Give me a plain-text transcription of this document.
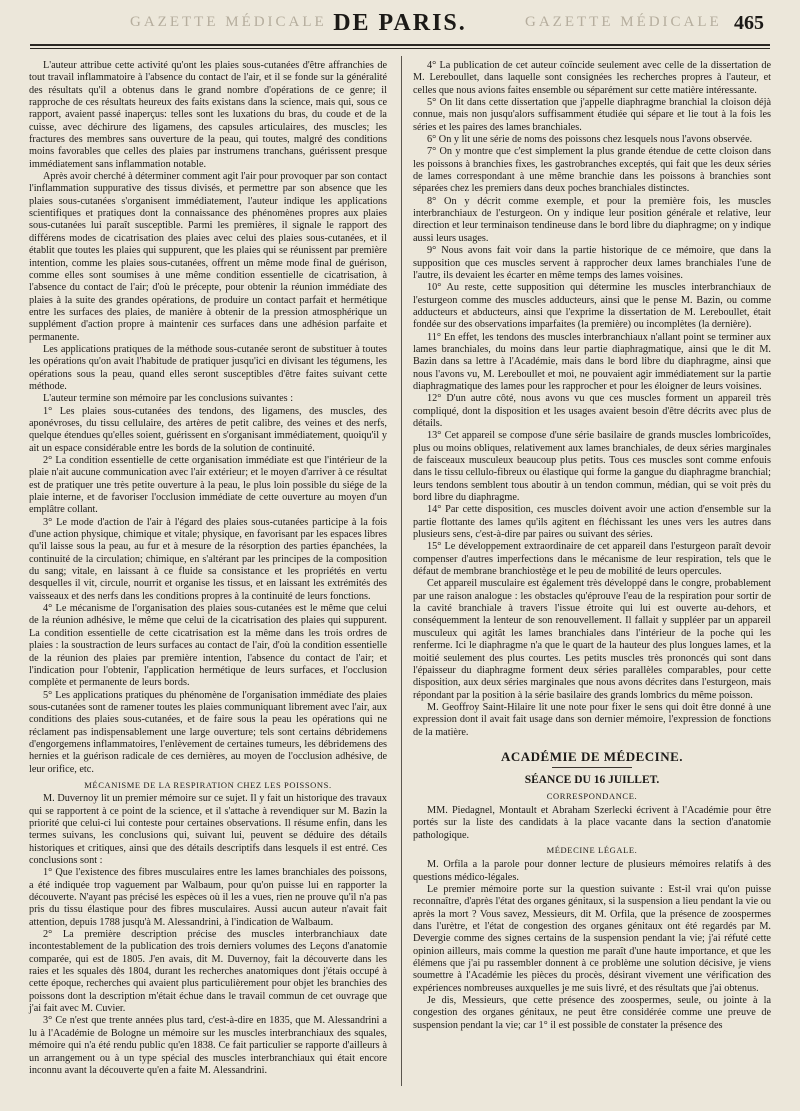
GAZETTE MÉDICALE DE PARIS.	GAZETTE MÉDICALE 465

L'auteur attribue cette activité qu'ont les plaies sous-cutanées d'être affranchies de tout travail inflammatoire à l'absence du contact de l'air, et il se fonde sur la généralité des résultats qu'il a obtenus dans le grand nombre d'opérations de ce genre; il rapproche de ces résultats heureux des faits existans dans la science, mais qui, sous ce rapport, avaient passé inaperçus: telles sont les luxations du bras, du coude et de la cuisse, avec déchirure des ligamens, des capsules articulaires, des muscles; les fractures des membres sans ouverture de la peau, qui toutes, malgré des conditions moins favorables que celles des plaies par instrumens tranchans, guérissent presque immédiatement sans inflammation notable.

Après avoir cherché à déterminer comment agit l'air pour provoquer par son contact l'inflammation suppurative des tissus divisés, et permettre par son absence que les plaies sous-cutanées s'organisent immédiatement, l'auteur indique les applications scientifiques et pratiques dont la connaissance des phénomènes propres aux plaies sous-cutanées lui paraît susceptible. Parmi les premières, il signale le rapport des différens modes de cicatrisation des plaies avec celui des plaies sous-cutanées, et il établit que toutes les plaies qui suppurent, que les plaies qui se réunissent par première intention, comme les plaies sous-cutanées, offrent un même mode final de guérison, comme elles sont soumises à une même condition essentielle de cicatrisation, à l'absence du contact de l'air; d'où le précepte, pour obtenir la réunion immédiate des plaies à la suite des grandes opérations, de produire un contact parfait et hermétique entre les surfaces des plaies, de manière à obtenir de la pression atmosphérique un supplément d'action propre à maintenir ces surfaces dans une adhésion parfaite et permanente.

Les applications pratiques de la méthode sous-cutanée seront de substituer à toutes les opérations qu'on avait l'habitude de pratiquer jusqu'ici en divisant les tégumens, les opérations sous la peau, quand elles seront susceptibles d'être faites suivant cette méthode.

L'auteur termine son mémoire par les conclusions suivantes :

1° Les plaies sous-cutanées des tendons, des ligamens, des muscles, des aponévroses, du tissu cellulaire, des artères de petit calibre, des veines et des nerfs, quelque étendues qu'elles soient, guérissent en s'organisant immédiatement, quoiqu'il y ait un espace considérable entre les bords de la solution de continuité.

2° La condition essentielle de cette organisation immédiate est que l'intérieur de la plaie n'ait aucune communication avec l'air extérieur; et le moyen d'arriver à ce résultat est de pratiquer une très petite ouverture à la peau, le plus loin possible du siége de la plaie interne, et de favoriser l'occlusion immédiate de cette ouverture au moyen d'un emplâtre collant.

3° Le mode d'action de l'air à l'égard des plaies sous-cutanées participe à la fois d'une action physique, chimique et vitale; physique, en favorisant par les espaces libres qu'il laisse sous la peau, au fur et à mesure de la résorption des parties épanchées, la continuité de la circulation; chimique, en s'altérant par les principes de la composition du sang; vitale, en laissant à ce fluide sa consistance et les propriétés en vertu desquelles il vit, circule, nourrit et organise les tissus, et en laissant les extrémités des vaisseaux et des nerfs dans les conditions propres à la continuité de leurs fonctions.

4° Le mécanisme de l'organisation des plaies sous-cutanées est le même que celui de la réunion adhésive, le même que celui de la cicatrisation des plaies qui suppurent. La condition essentielle de cette cicatrisation est la même dans les trois ordres de plaies : la soustraction de leurs surfaces au contact de l'air, d'où la condition essentielle de la réunion des plaies par première intention, l'absence du contact de l'air; et l'indication pour l'obtenir, l'application hermétique de leurs surfaces, et l'occlusion complète et permanente de leurs bords.

5° Les applications pratiques du phénomène de l'organisation immédiate des plaies sous-cutanées sont de ramener toutes les plaies communiquant librement avec l'air, aux conditions des plaies sous-cutanées, et de faire sous la peau les opérations qui ne réclament pas indispensablement une large ouverture; tels sont certains débridemens d'engorgemens inflammatoires, l'enlèvement de certaines tumeurs, les débridemens des hernies et la guérison radicale de ces dernières, au moyen de l'occlusion adhésive, de leur orifice, etc.

MÉCANISME DE LA RESPIRATION CHEZ LES POISSONS.

M. Duvernoy lit un premier mémoire sur ce sujet. Il y fait un historique des travaux qui se rapportent à ce point de la science, et il s'attache à revendiquer sur M. Bazin la priorité que celui-ci lui conteste pour certaines observations. Il résume enfin, dans les termes suivans, les conclusions qui, suivant lui, peuvent se déduire des détails historiques et critiques, ainsi que des détails descriptifs dans lesquels il est entré. Ces conclusions sont :

1° Que l'existence des fibres musculaires entre les lames branchiales des poissons, a été indiquée trop vaguement par Walbaum, pour qu'on puisse lui en rapporter la découverte. N'ayant pas précisé les espèces où il les a vues, rien ne prouve qu'il n'a pas pris du tissu élastique pour des fibres musculaires. Aussi aucun auteur n'avait fait attention, depuis 1788 jusqu'à M. Alessandrini, à l'indication de Walbaum.

2° La première description précise des muscles interbranchiaux date incontestablement de la publication des trois derniers volumes des Leçons d'anatomie comparée, qui est de 1805. J'en avais, dit M. Duvernoy, fait la découverte dans les raies et les squales dès 1804, durant les recherches anatomiques dont j'étais occupé à cette époque, recherches qui avaient plus particulièrement pour objet les branchies des poissons dont la description m'était échue dans le travail commun de cet ouvrage que j'ai fait avec M. Cuvier.

3° Ce n'est que trente années plus tard, c'est-à-dire en 1835, que M. Alessandrini a lu à l'Académie de Bologne un mémoire sur les muscles interbranchiaux des squales, mémoire qui n'a été rendu public qu'en 1838. Ce fait particulier se rapporte d'ailleurs à un arrangement ou à un type spécial des muscles interbranchiaux qui était encore inconnu avant la découverte qu'en a faite M. Alessandrini.

4° La publication de cet auteur coïncide seulement avec celle de la dissertation de M. Lereboullet, dans laquelle sont consignées les recherches propres à l'auteur, et celles que nous avions faites ensemble ou séparément sur cette matière intéressante.

5° On lit dans cette dissertation que j'appelle diaphragme branchial la cloison déjà connue, mais non jusqu'alors suffisamment étudiée qui sépare et lie tout à la fois les séries et les paires des lames branchiales.

6° On y lit une série de noms des poissons chez lesquels nous l'avons observée.

7° On y montre que c'est simplement la plus grande étendue de cette cloison dans les poissons à branchies fixes, les gastrobranches exceptés, qui fait que les deux séries de lames correspondant à une même branchie dans les poissons à branchies sont séparées chez les premiers dans deux poches branchiales distinctes.

8° On y décrit comme exemple, et pour la première fois, les muscles interbranchiaux de l'esturgeon. On y indique leur position générale et relative, leur direction et leur terminaison tendineuse dans le bord libre du diaphragme; on y indique aussi leurs usages.

9° Nous avons fait voir dans la partie historique de ce mémoire, que dans la supposition que ces muscles servent à rapprocher deux lames branchiales l'une de l'autre, ils devaient les écarter en même temps des lames voisines.

10° Au reste, cette supposition qui détermine les muscles interbranchiaux de l'esturgeon comme des muscles adducteurs, ainsi que le pense M. Bazin, ou comme adducteurs et abducteurs, ainsi que l'exprime la dissertation de M. Lereboullet, était fondée sur des observations imparfaites (la première) ou incomplètes (la dernière).

11° En effet, les tendons des muscles interbranchiaux n'allant point se terminer aux lames branchiales, du moins dans leur partie diaphragmatique, ainsi que le dit M. Bazin dans sa lettre à l'Académie, mais dans le bord libre du diaphragme, ainsi que nous l'avons vu, M. Lereboullet et moi, ne pouvaient agir immédiatement sur la partie diaphragmatique des lames pour les rapprocher et pour les éloigner de leurs voisines.

12° D'un autre côté, nous avons vu que ces muscles forment un appareil très compliqué, dont la disposition et les usages avaient besoin d'être décrits avec plus de détails.

13° Cet appareil se compose d'une série basilaire de grands muscles lombricoïdes, plus ou moins obliques, relativement aux lames branchiales, de deux séries marginales de faisceaux musculeux beaucoup plus petits. Tous ces muscles sont comme enfouis dans le tissu cellulo-fibreux ou élastique qui forme la gangue du diaphragme branchial; leurs tendons semblent tous aboutir à un tendon commun, médian, qui se voit près du bord libre du diaphragme.

14° Par cette disposition, ces muscles doivent avoir une action d'ensemble sur la partie flottante des lames qu'ils agitent en fléchissant les unes vers les autres dans plusieurs sens, c'est-à-dire par paires ou suivant des séries.

15° Le développement extraordinaire de cet appareil dans l'esturgeon paraît devoir compenser d'autres imperfections dans le mécanisme de leur respiration, tels que le défaut de membrane branchiostège et le peu de mobilité de leurs opercules.

Cet appareil musculaire est également très développé dans le congre, probablement par une raison analogue : les obstacles qu'éprouve l'eau de la respiration pour sortir de la cavité branchiale à travers l'issue étroite qui lui est ouverte au-dehors, et conséquemment la lenteur de son renouvellement. Il fallait y suppléer par un appareil musculeux qui agitât les lames branchiales dans l'intérieur de la poche qui les renferme. Ici le diaphragme n'a que le quart de la hauteur des plus longues lames, et la moitié seulement des plus courtes. Les petits muscles très prononcés qui sont dans l'épaisseur du diaphragme forment deux séries parallèles comparables, pour cette disposition, aux deux séries marginales que nous avons décrites dans l'esturgeon, mais répondant par la position à la série basilaire des grands lombrics du même poisson.

M. Geoffroy Saint-Hilaire lit une note pour fixer le sens qui doit être donné à une expression dont il avait fait usage dans son dernier mémoire, l'expression de fonctions de la matière.

ACADÉMIE DE MÉDECINE.
SÉANCE DU 16 JUILLET.
CORRESPONDANCE.

MM. Piedagnel, Montault et Abraham Szerlecki écrivent à l'Académie pour être portés sur la liste des candidats à la place vacante dans la section d'anatomie pathologique.

MÉDECINE LÉGALE.

M. Orfila a la parole pour donner lecture de plusieurs mémoires relatifs à des questions médico-légales.

Le premier mémoire porte sur la question suivante : Est-il vrai qu'on puisse reconnaître, d'après l'état des organes génitaux, si la suspension a lieu pendant la vie ou après la mort ? Vous savez, Messieurs, dit M. Orfila, que la présence de zoospermes dans l'urètre, et l'état de congestion des organes génitaux ont été regardés par M. Devergie comme des signes certains de la suspension pendant la vie; j'ai réfuté cette opinion ailleurs, mais comme la question me paraît d'une haute importance, et que les élémens que j'ai pu rassembler donnent à ce problème une solution décisive, je viens soumettre à l'Académie les pièces du procès, désirant vivement une vérification des expériences nombreuses auxquelles je me suis livré, et des résultats que j'ai obtenus.

Je dis, Messieurs, que cette présence des zoospermes, seule, ou jointe à la congestion des organes génitaux, ne peut être considérée comme une preuve de suspension pendant la vie; car 1° il est possible de constater la présence des
